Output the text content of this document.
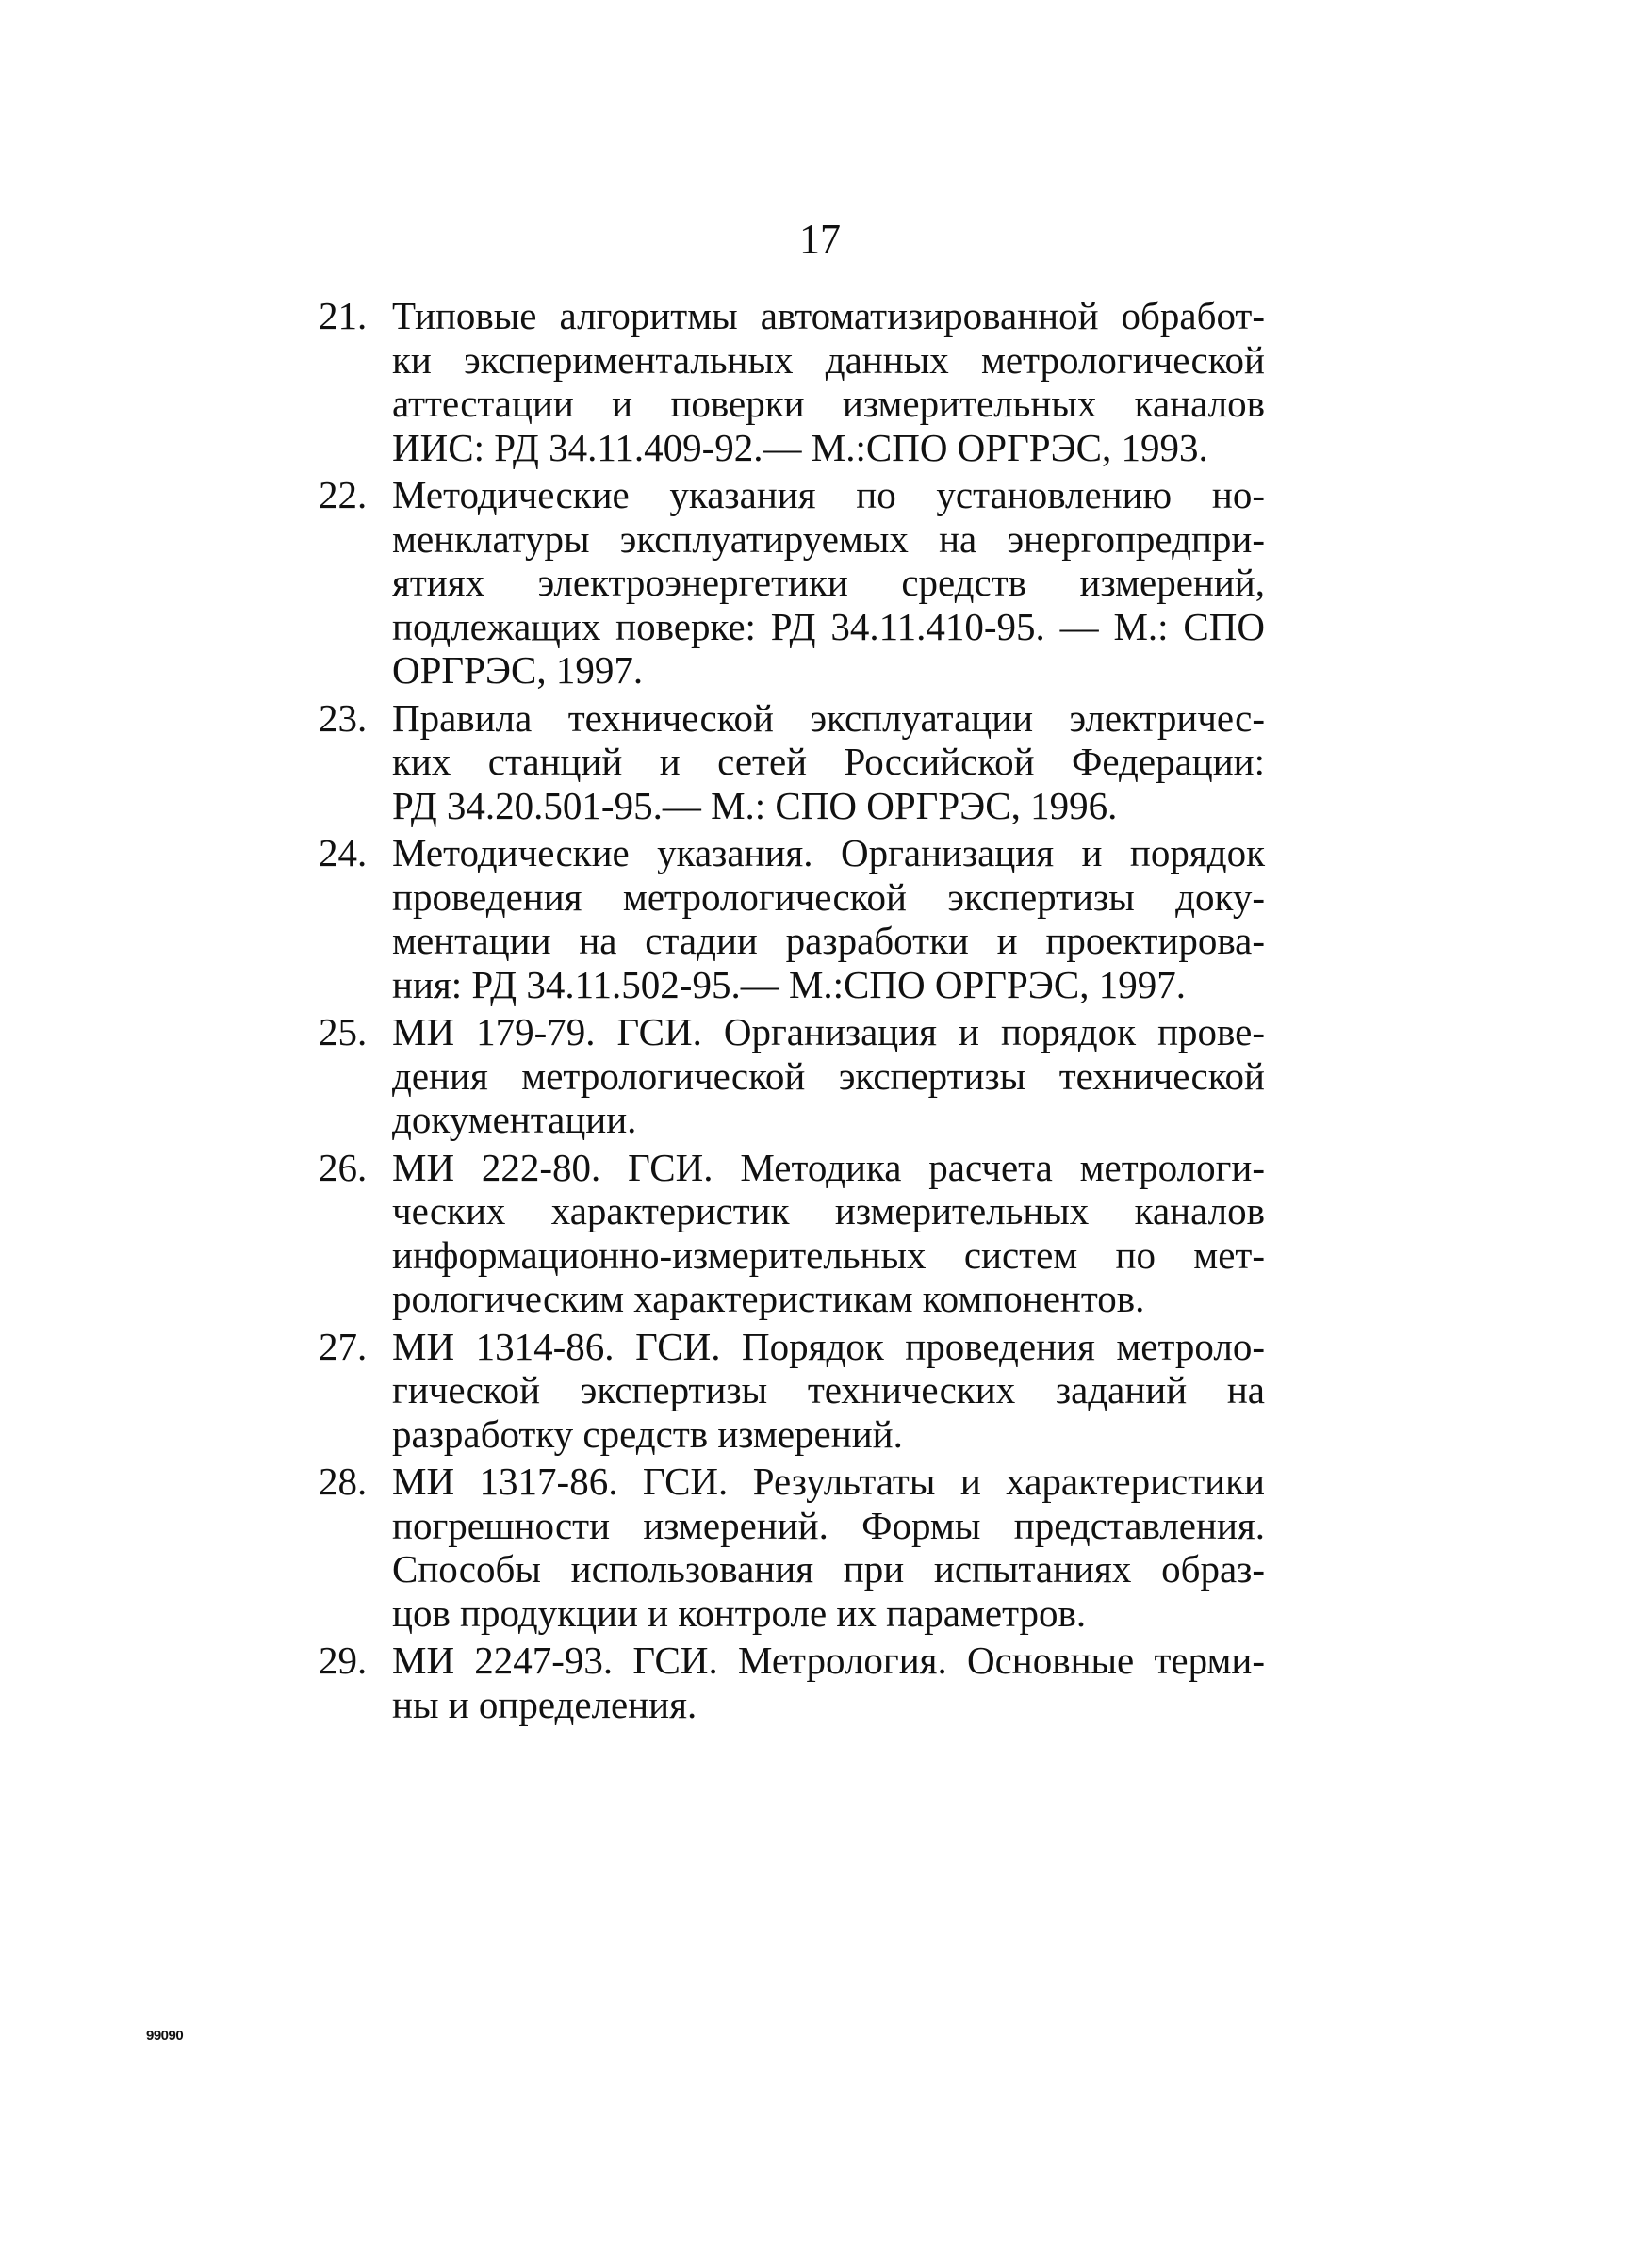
17
21. Типовые алгоритмы автоматизированной обработ-
ки экспериментальных данных метрологической
аттестации и поверки измерительных каналов
ИИС: РД 34.11.409-92.— М.:СПО ОРГРЭС, 1993.
22. Методические указания по установлению но-
менклатуры эксплуатируемых на энергопредпри-
ятиях электроэнергетики средств измерений,
подлежащих поверке: РД 34.11.410-95. — М.: СПО
ОРГРЭС, 1997.
23. Правила технической эксплуатации электричес-
ких станций и сетей Российской Федерации:
РД 34.20.501-95.— М.: СПО ОРГРЭС, 1996.
24. Методические указания. Организация и порядок
проведения метрологической экспертизы доку-
ментации на стадии разработки и проектирова-
ния: РД 34.11.502-95.— М.:СПО ОРГРЭС, 1997.
25. МИ 179-79. ГСИ. Организация и порядок прове-
дения метрологической экспертизы технической
документации.
26. МИ 222-80. ГСИ. Методика расчета метрологи-
ческих характеристик измерительных каналов
информационно-измерительных систем по мет-
рологическим характеристикам компонентов.
27. МИ 1314-86. ГСИ. Порядок проведения метроло-
гической экспертизы технических заданий на
разработку средств измерений.
28. МИ 1317-86. ГСИ. Результаты и характеристики
погрешности измерений. Формы представления.
Способы использования при испытаниях образ-
цов продукции и контроле их параметров.
29. МИ 2247-93. ГСИ. Метрология. Основные терми-
ны и определения.
99090
